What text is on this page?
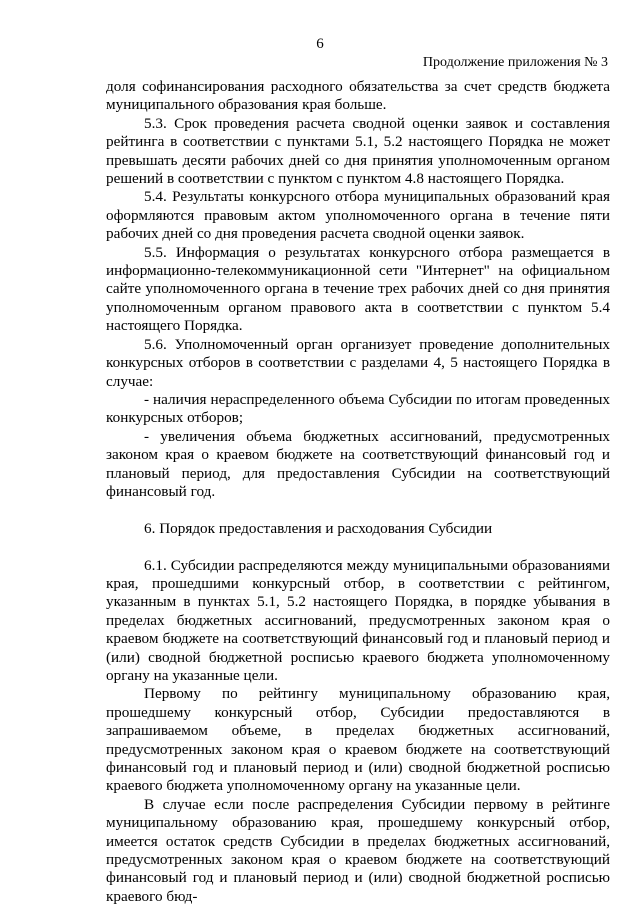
6
Продолжение приложения № 3

доля софинансирования расходного обязательства за счет средств бюджета муниципального образования края больше.

5.3. Срок проведения расчета сводной оценки заявок и составления рейтинга в соответствии с пунктами 5.1, 5.2 настоящего Порядка не может превышать десяти рабочих дней со дня принятия уполномоченным органом решений в соответствии с пунктом с пунктом 4.8 настоящего Порядка.

5.4. Результаты конкурсного отбора муниципальных образований края оформляются правовым актом уполномоченного органа в течение пяти рабочих дней со дня проведения расчета сводной оценки заявок.

5.5. Информация о результатах конкурсного отбора размещается в информационно-телекоммуникационной сети "Интернет" на официальном сайте уполномоченного органа в течение трех рабочих дней со дня принятия уполномоченным органом правового акта в соответствии с пунктом 5.4 настоящего Порядка.

5.6. Уполномоченный орган организует проведение дополнительных конкурсных отборов в соответствии с разделами 4, 5 настоящего Порядка в случае:

- наличия нераспределенного объема Субсидии по итогам проведенных конкурсных отборов;

- увеличения объема бюджетных ассигнований, предусмотренных законом края о краевом бюджете на соответствующий финансовый год и плановый период, для предоставления Субсидии на соответствующий финансовый год.

6. Порядок предоставления и расходования Субсидии

6.1. Субсидии распределяются между муниципальными образованиями края, прошедшими конкурсный отбор, в соответствии с рейтингом, указанным в пунктах 5.1, 5.2 настоящего Порядка, в порядке убывания в пределах бюджетных ассигнований, предусмотренных законом края о краевом бюджете на соответствующий финансовый год и плановый период и (или) сводной бюджетной росписью краевого бюджета уполномоченному органу на указанные цели.

Первому по рейтингу муниципальному образованию края, прошедшему конкурсный отбор, Субсидии предоставляются в запрашиваемом объеме, в пределах бюджетных ассигнований, предусмотренных законом края о краевом бюджете на соответствующий финансовый год и плановый период и (или) сводной бюджетной росписью краевого бюджета уполномоченному органу на указанные цели.

В случае если после распределения Субсидии первому в рейтинге муниципальному образованию края, прошедшему конкурсный отбор, имеется остаток средств Субсидии в пределах бюджетных ассигнований, предусмотренных законом края о краевом бюджете на соответствующий финансовый год и плановый период и (или) сводной бюджетной росписью краевого бюд-
